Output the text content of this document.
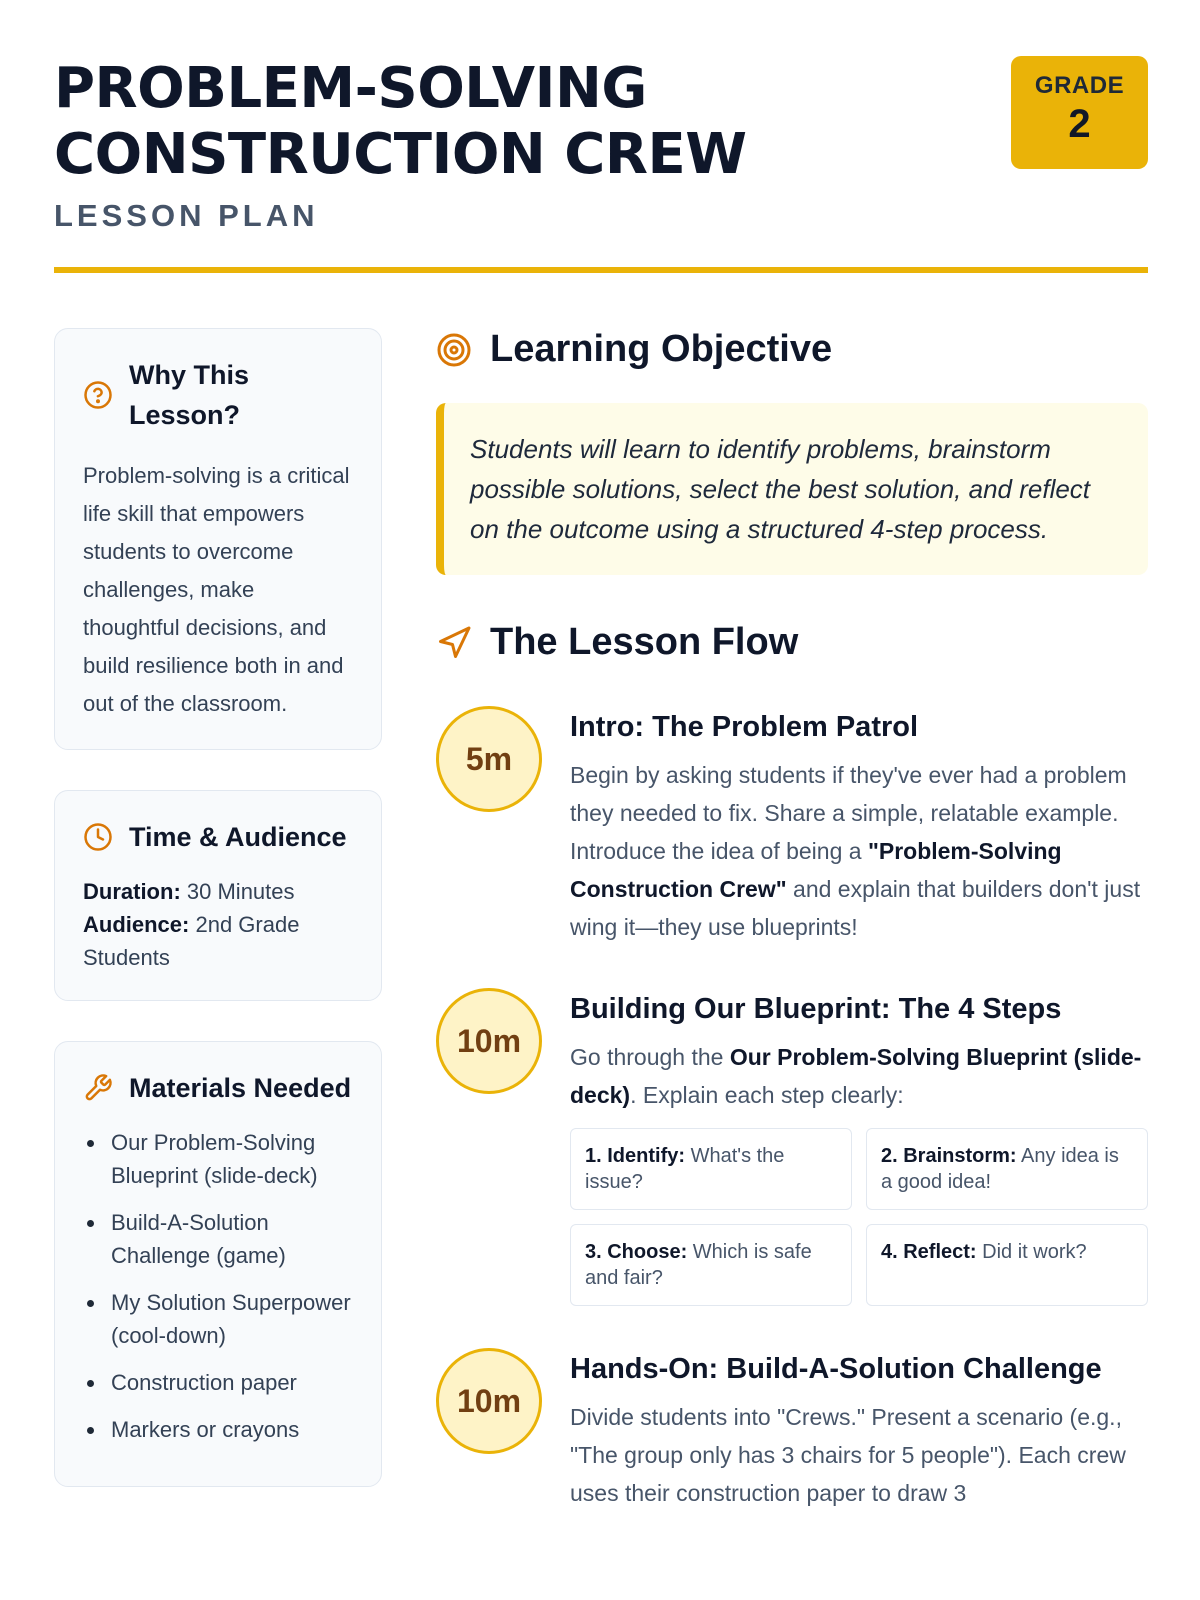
PROBLEM-SOLVING
CONSTRUCTION CREW
LESSON PLAN
GRADE
2
Why This Lesson?

Problem-solving is a critical life skill that empowers students to overcome challenges, make thoughtful decisions, and build resilience both in and out of the classroom.

Time & Audience

Duration: 30 Minutes

Audience: 2nd Grade Students

Materials Needed
Our Problem-Solving Blueprint (slide-deck)
Build-A-Solution Challenge (game)
My Solution Superpower (cool-down)
Construction paper
Markers or crayons
Learning Objective
Students will learn to identify problems, brainstorm possible solutions, select the best solution, and reflect on the outcome using a structured 4-step process.
The Lesson Flow
5m
Intro: The Problem Patrol

Begin by asking students if they've ever had a problem they needed to fix. Share a simple, relatable example. Introduce the idea of being a "Problem-Solving Construction Crew" and explain that builders don't just wing it—they use blueprints!

10m
Building Our Blueprint: The 4 Steps

Go through the Our Problem-Solving Blueprint (slide-deck). Explain each step clearly:

1. Identify: What's the issue?
2. Brainstorm: Any idea is a good idea!
3. Choose: Which is safe and fair?
4. Reflect: Did it work?
10m
Hands-On: Build-A-Solution Challenge

Divide students into "Crews." Present a scenario (e.g., "The group only has 3 chairs for 5 people"). Each crew uses their construction paper to draw 3
